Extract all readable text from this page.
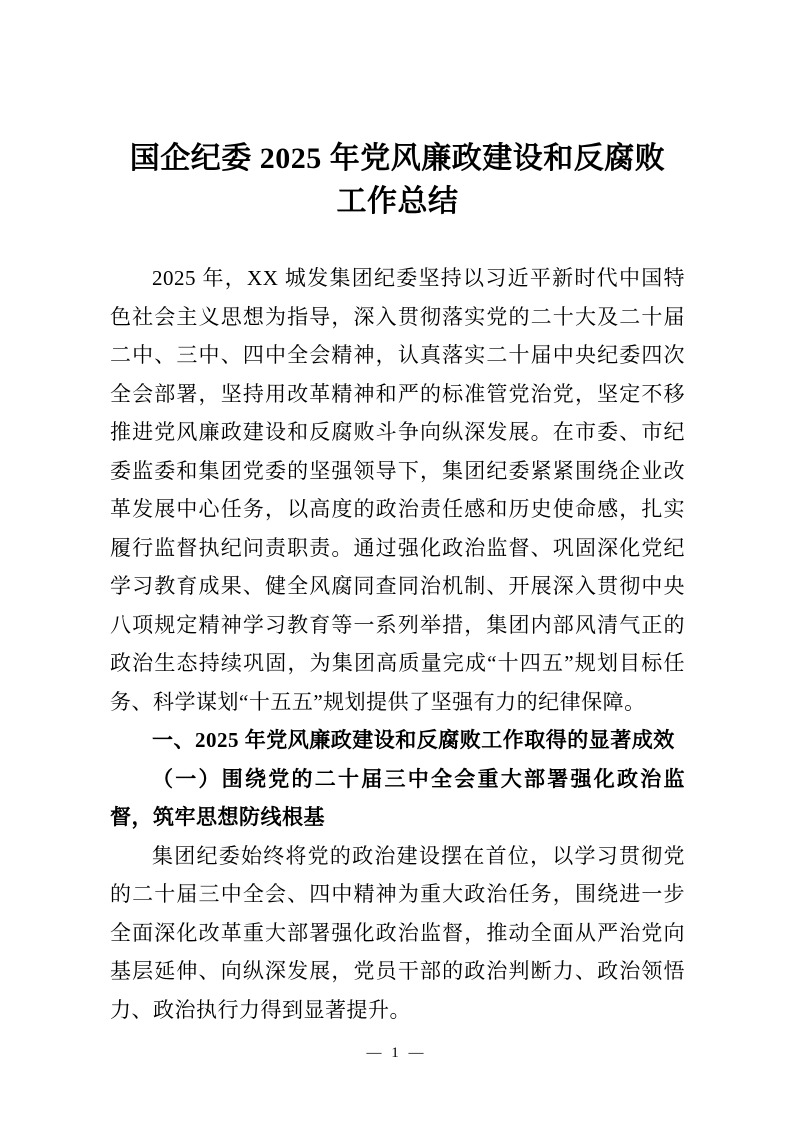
国企纪委 2025 年党风廉政建设和反腐败工作总结

2025 年，XX 城发集团纪委坚持以习近平新时代中国特色社会主义思想为指导，深入贯彻落实党的二十大及二十届二中、三中、四中全会精神，认真落实二十届中央纪委四次全会部署，坚持用改革精神和严的标准管党治党，坚定不移推进党风廉政建设和反腐败斗争向纵深发展。在市委、市纪委监委和集团党委的坚强领导下，集团纪委紧紧围绕企业改革发展中心任务，以高度的政治责任感和历史使命感，扎实履行监督执纪问责职责。通过强化政治监督、巩固深化党纪学习教育成果、健全风腐同查同治机制、开展深入贯彻中央八项规定精神学习教育等一系列举措，集团内部风清气正的政治生态持续巩固，为集团高质量完成“十四五”规划目标任务、科学谋划“十五五”规划提供了坚强有力的纪律保障。

一、2025 年党风廉政建设和反腐败工作取得的显著成效

（一）围绕党的二十届三中全会重大部署强化政治监督，筑牢思想防线根基

集团纪委始终将党的政治建设摆在首位，以学习贯彻党的二十届三中全会、四中精神为重大政治任务，围绕进一步全面深化改革重大部署强化政治监督，推动全面从严治党向基层延伸、向纵深发展，党员干部的政治判断力、政治领悟力、政治执行力得到显著提升。

— 1 —
